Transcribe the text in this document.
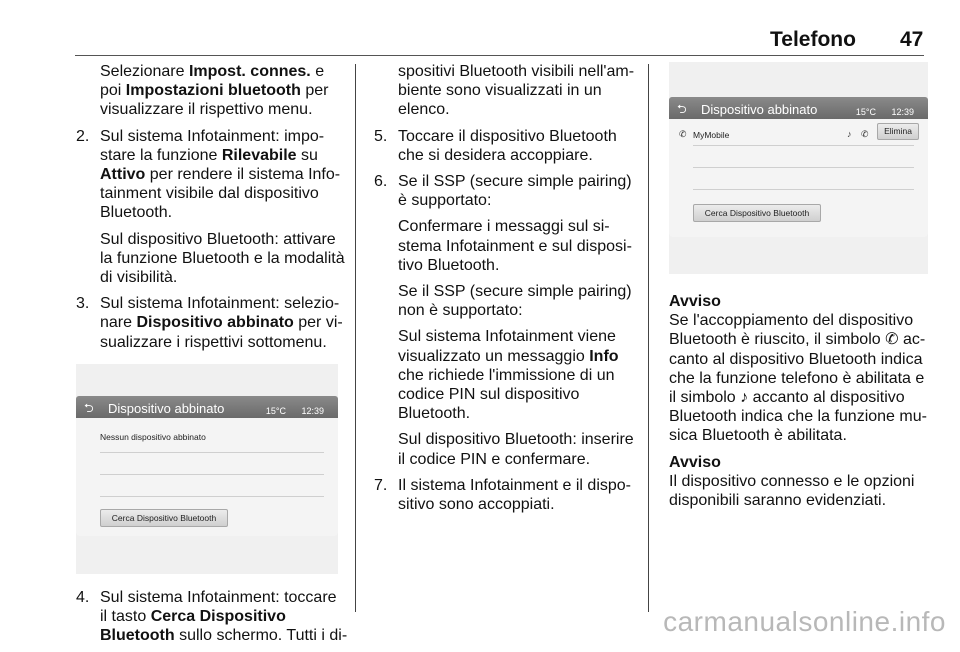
Telefono 47

Selezionare Impost. connes. e poi Impostazioni bluetooth per visualizzare il rispettivo menu.

2. Sul sistema Infotainment: impostare la funzione Rilevabile su Attivo per rendere il sistema Infotainment visibile dal dispositivo Bluetooth.

Sul dispositivo Bluetooth: attivare la funzione Bluetooth e la modalità di visibilità.

3. Sul sistema Infotainment: selezionare Dispositivo abbinato per visualizzare i rispettivi sottomenu.

⮌ Dispositivo abbinato	15°C 12:39
Nessun dispositivo abbinato
Cerca Dispositivo Bluetooth
4. Sul sistema Infotainment: toccare il tasto Cerca Dispositivo Bluetooth sullo schermo. Tutti i di-

spositivi Bluetooth visibili nell'ambiente sono visualizzati in un elenco.

5. Toccare il dispositivo Bluetooth che si desidera accoppiare.

6. Se il SSP (secure simple pairing) è supportato:

Confermare i messaggi sul sistema Infotainment e sul dispositivo Bluetooth.

Se il SSP (secure simple pairing) non è supportato:

Sul sistema Infotainment viene visualizzato un messaggio Info che richiede l'immissione di un codice PIN sul dispositivo Bluetooth.

Sul dispositivo Bluetooth: inserire il codice PIN e confermare.

7. Il sistema Infotainment e il dispositivo sono accoppiati.

⮌ Dispositivo abbinato	15°C 12:39
✆ MyMobile	♪ ✆	Elimina
Cerca Dispositivo Bluetooth

Avviso

Se l'accoppiamento del dispositivo Bluetooth è riuscito, il simbolo ✆ accanto al dispositivo Bluetooth indica che la funzione telefono è abilitata e il simbolo ♪ accanto al dispositivo Bluetooth indica che la funzione musica Bluetooth è abilitata.

Avviso

Il dispositivo connesso e le opzioni disponibili saranno evidenziati.

carmanualsonline.info
